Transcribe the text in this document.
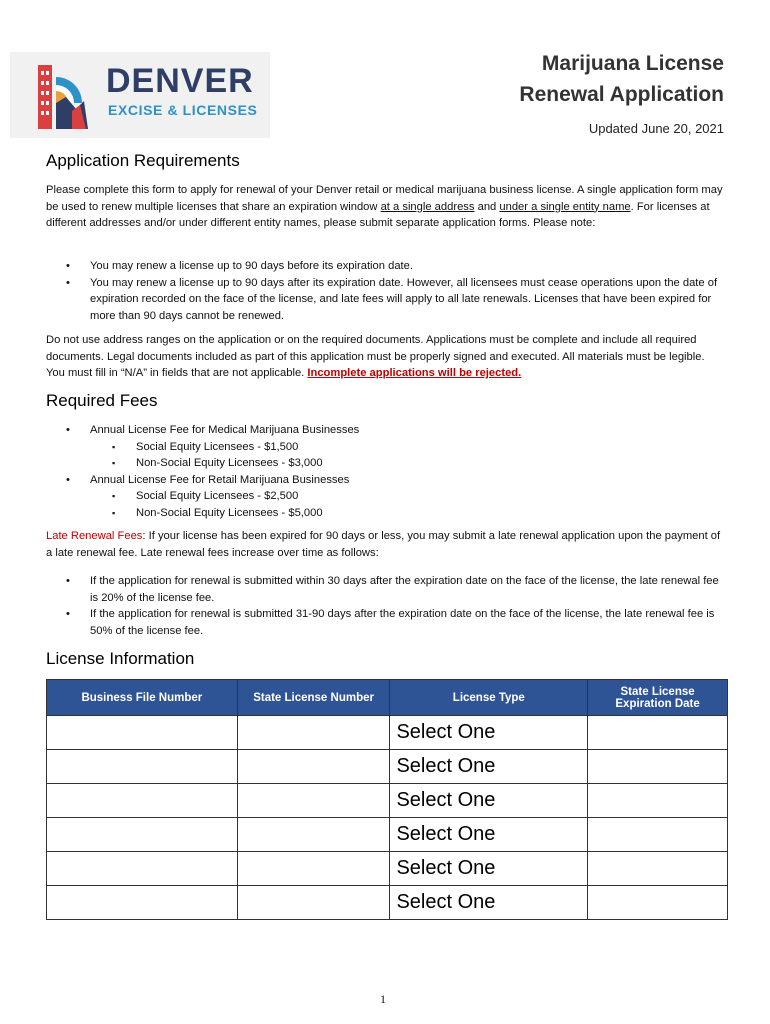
DENVER
EXCISE & LICENSES
Marijuana License
Renewal Application
Updated June 20, 2021
Application Requirements

Please complete this form to apply for renewal of your Denver retail or medical marijuana business license. A single application form may be used to renew multiple licenses that share an expiration window at a single address and under a single entity name. For licenses at different addresses and/or under different entity names, please submit separate application forms. Please note:

• You may renew a license up to 90 days before its expiration date.
• You may renew a license up to 90 days after its expiration date. However, all licensees must cease operations upon the date of expiration recorded on the face of the license, and late fees will apply to all late renewals. Licenses that have been expired for more than 90 days cannot be renewed.

Do not use address ranges on the application or on the required documents. Applications must be complete and include all required documents. Legal documents included as part of this application must be properly signed and executed. All materials must be legible. You must fill in “N/A” in fields that are not applicable. Incomplete applications will be rejected.

Required Fees
• Annual License Fee for Medical Marijuana Businesses
▪ Social Equity Licensees - $1,500
▪ Non-Social Equity Licensees - $3,000
• Annual License Fee for Retail Marijuana Businesses
▪ Social Equity Licensees - $2,500
▪ Non-Social Equity Licensees - $5,000

Late Renewal Fees: If your license has been expired for 90 days or less, you may submit a late renewal application upon the payment of a late renewal fee. Late renewal fees increase over time as follows:

• If the application for renewal is submitted within 30 days after the expiration date on the face of the license, the late renewal fee is 20% of the license fee.
• If the application for renewal is submitted 31-90 days after the expiration date on the face of the license, the late renewal fee is 50% of the license fee.
License Information
Business File Number	State License Number	License Type	State License Expiration Date
		Select One	
		Select One	
		Select One	
		Select One	
		Select One	
		Select One	
1
